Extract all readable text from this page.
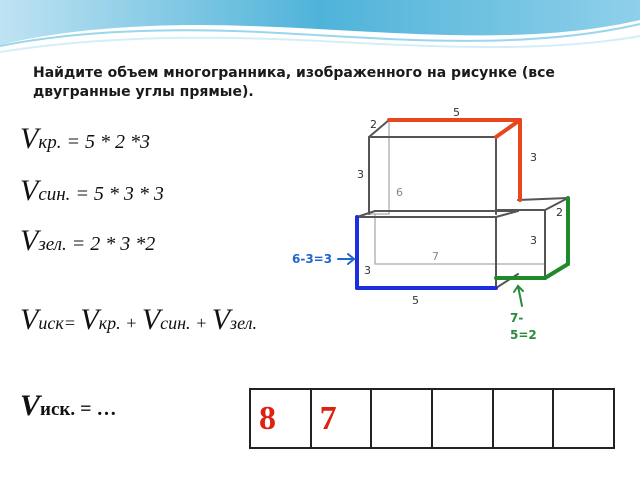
Найдите объем многогранника, изображенного на рисунке (все двугранные углы прямые).
Vкр. = 5 * 2 *3
Vсин. = 5 * 3 * 3
Vзел. = 2 * 3 *2
Vиск= Vкр. + Vсин. + Vзел.
Vиск. = …
5
2
3
3
6
2
3
7
3
5
6-3=3
7-
5=2
8 7
